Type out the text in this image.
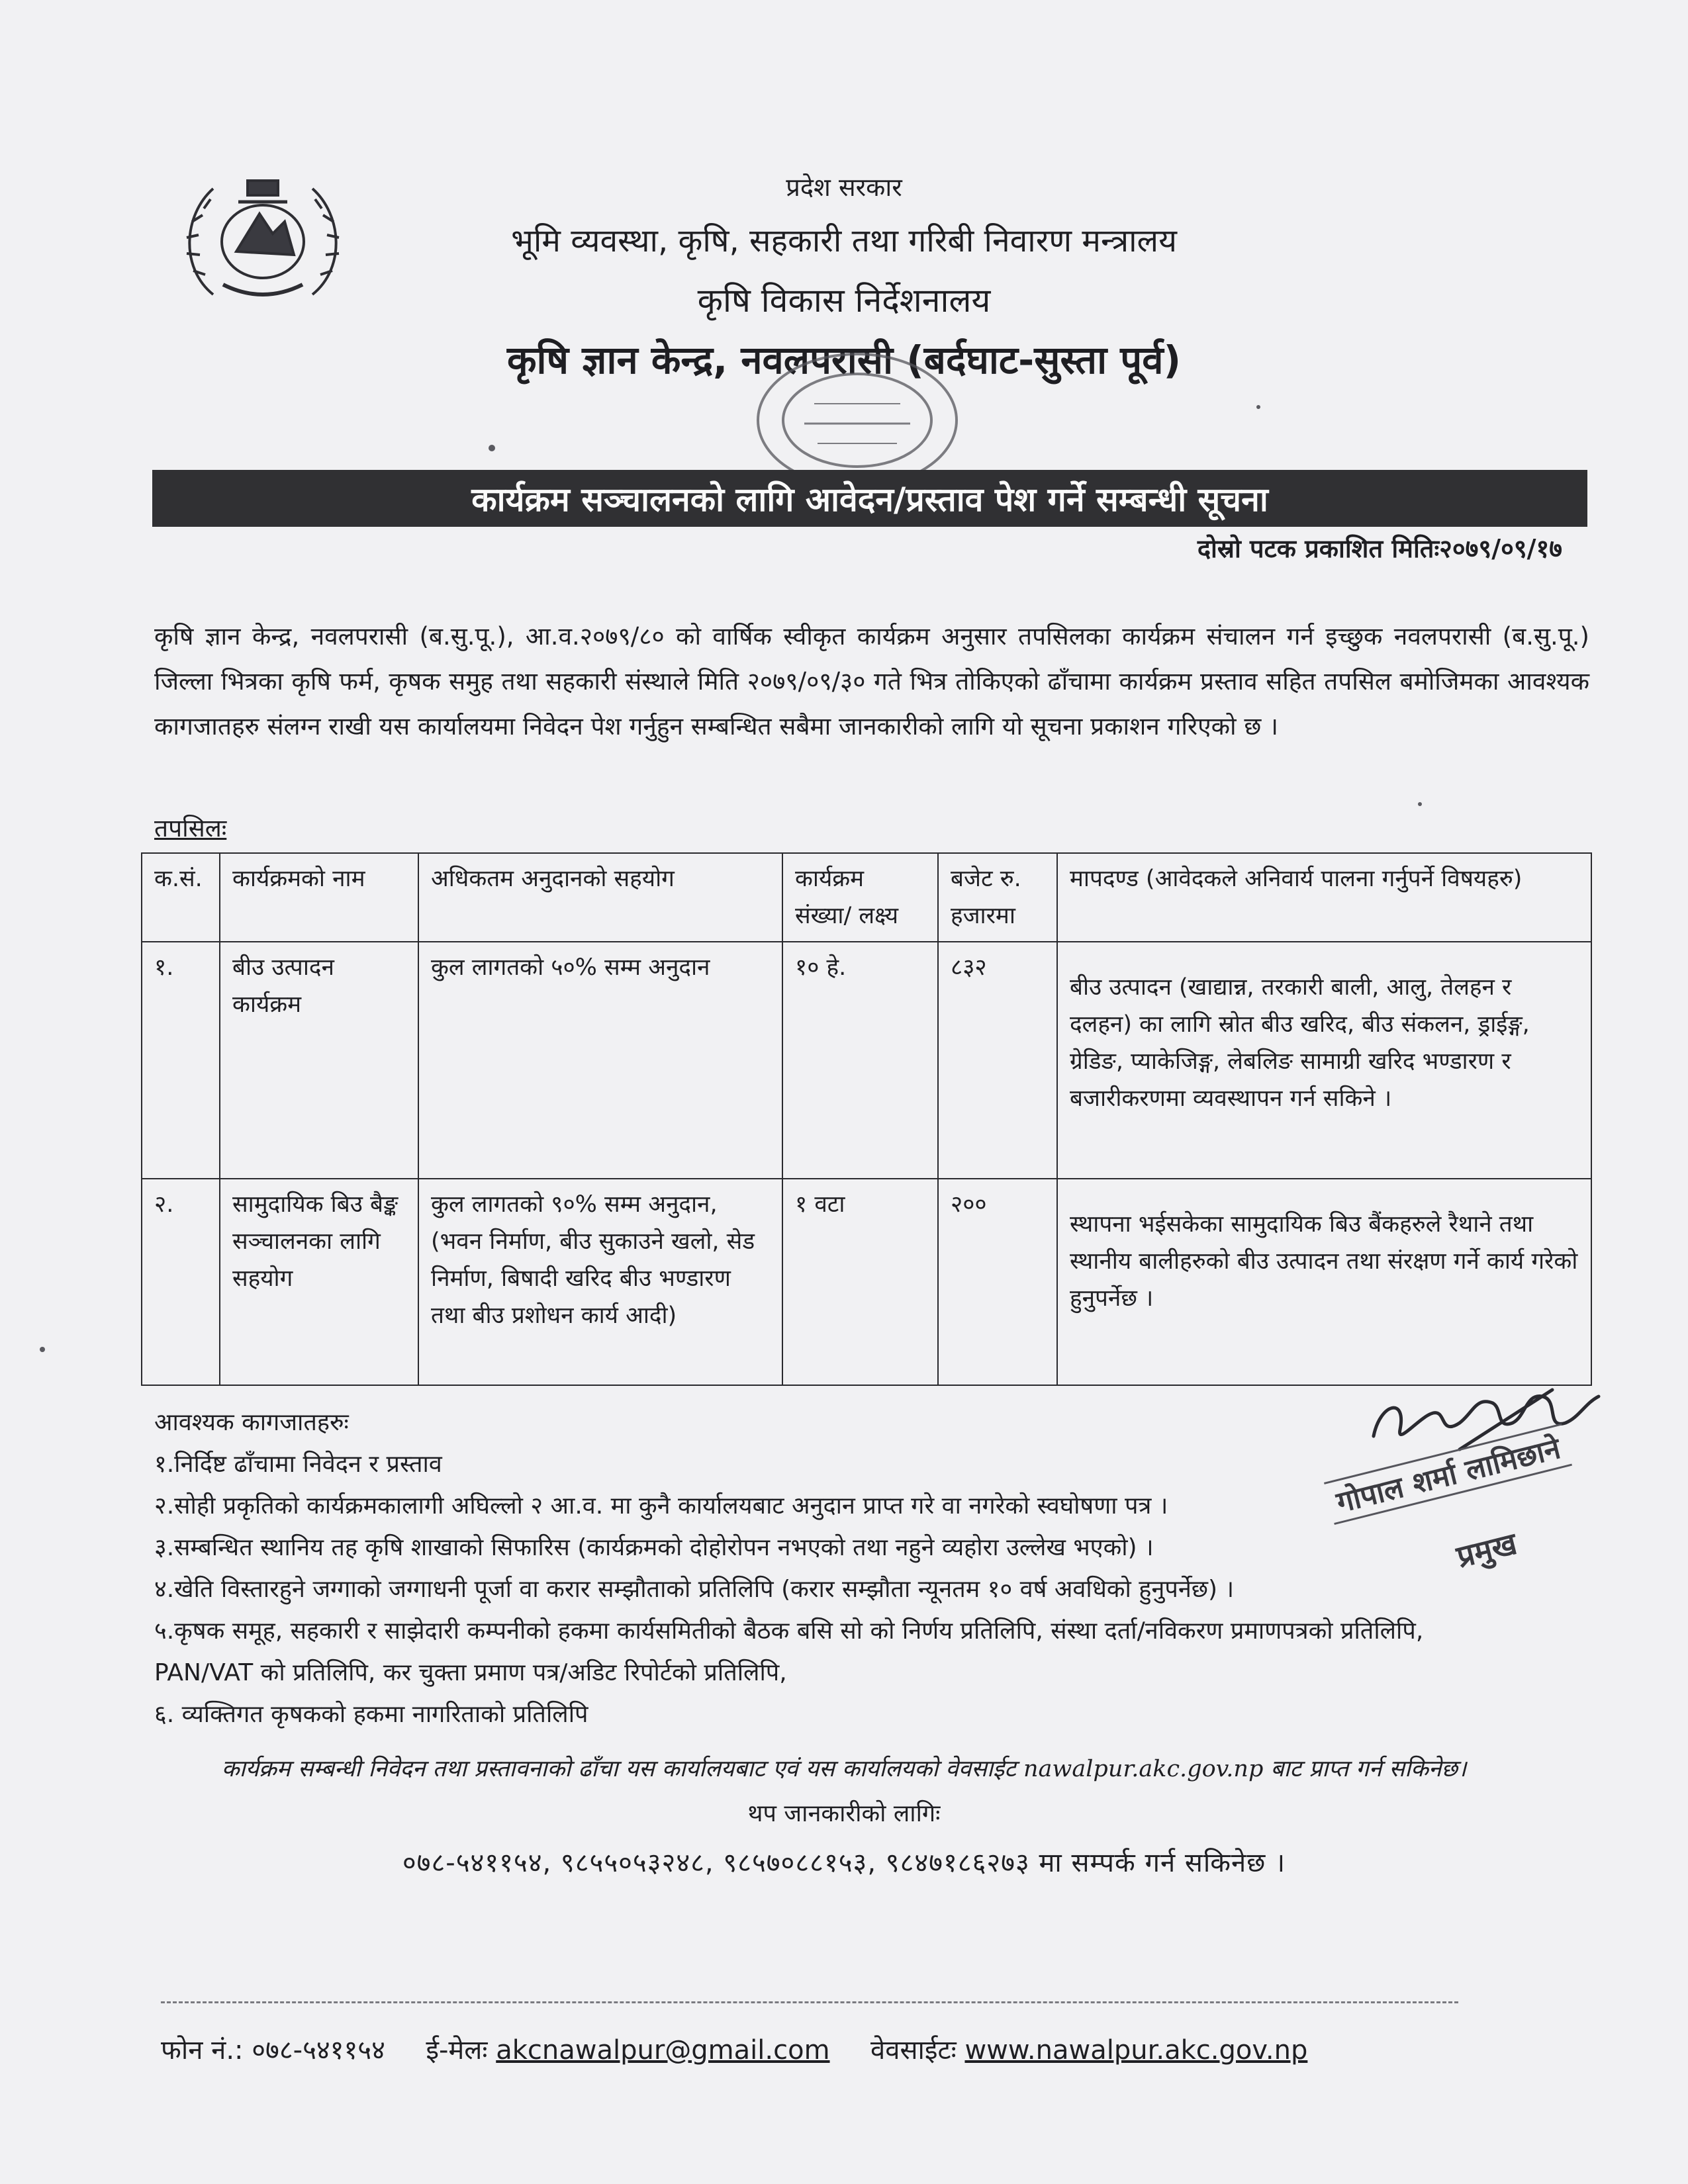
प्रदेश सरकार
भूमि व्यवस्था, कृषि, सहकारी तथा गरिबी निवारण मन्त्रालय
कृषि विकास निर्देशनालय
कृषि ज्ञान केन्द्र, नवलपरासी (बर्दघाट-सुस्ता पूर्व)
कार्यक्रम सञ्चालनको लागि आवेदन/प्रस्ताव पेश गर्ने सम्बन्धी सूचना
दोस्रो पटक प्रकाशित मितिः२०७९/०९/१७
कृषि ज्ञान केन्द्र, नवलपरासी (ब.सु.पू.), आ.व.२०७९/८० को वार्षिक स्वीकृत कार्यक्रम अनुसार तपसिलका कार्यक्रम संचालन गर्न इच्छुक नवलपरासी (ब.सु.पू.) जिल्ला भित्रका कृषि फर्म, कृषक समुह तथा सहकारी संस्थाले मिति २०७९/०९/३० गते भित्र तोकिएको ढाँचामा कार्यक्रम प्रस्ताव सहित तपसिल बमोजिमका आवश्यक कागजातहरु संलग्न राखी यस कार्यालयमा निवेदन पेश गर्नुहुन सम्बन्धित सबैमा जानकारीको लागि यो सूचना प्रकाशन गरिएको छ ।
तपसिलः
क.सं.	कार्यक्रमको नाम	अधिकतम अनुदानको सहयोग	कार्यक्रम संख्या/ लक्ष्य	बजेट रु. हजारमा	मापदण्ड (आवेदकले अनिवार्य पालना गर्नुपर्ने विषयहरु)
१.	बीउ उत्पादन कार्यक्रम	कुल लागतको ५०% सम्म अनुदान	१० हे.	८३२	बीउ उत्पादन (खाद्यान्न, तरकारी बाली, आलु, तेलहन र दलहन) का लागि स्रोत बीउ खरिद, बीउ संकलन, ड्राईङ्ग, ग्रेडिङ, प्याकेजिङ्ग, लेबलिङ सामाग्री खरिद भण्डारण र बजारीकरणमा व्यवस्थापन गर्न सकिने ।
२.	सामुदायिक बिउ बैङ्क सञ्चालनका लागि सहयोग	कुल लागतको ९०% सम्म अनुदान, (भवन निर्माण, बीउ सुकाउने खलो, सेड निर्माण, बिषादी खरिद बीउ भण्डारण तथा बीउ प्रशोधन कार्य आदी)	१ वटा	२००	स्थापना भईसकेका सामुदायिक बिउ बैंकहरुले रैथाने तथा स्थानीय बालीहरुको बीउ उत्पादन तथा संरक्षण गर्ने कार्य गरेको हुनुपर्नेछ ।
आवश्यक कागजातहरुः
१.निर्दिष्ट ढाँचामा निवेदन र प्रस्ताव
२.सोही प्रकृतिको कार्यक्रमकालागी अघिल्लो २ आ.व. मा कुनै कार्यालयबाट अनुदान प्राप्त गरे वा नगरेको स्वघोषणा पत्र ।
३.सम्बन्धित स्थानिय तह कृषि शाखाको सिफारिस (कार्यक्रमको दोहोरोपन नभएको तथा नहुने व्यहोरा उल्लेख भएको) ।
४.खेति विस्तारहुने जग्गाको जग्गाधनी पूर्जा वा करार सम्झौताको प्रतिलिपि (करार सम्झौता न्यूनतम १० वर्ष अवधिको हुनुपर्नेछ) ।
५.कृषक समूह, सहकारी र साझेदारी कम्पनीको हकमा कार्यसमितीको बैठक बसि सो को निर्णय प्रतिलिपि, संस्था दर्ता/नविकरण प्रमाणपत्रको प्रतिलिपि,
PAN/VAT को प्रतिलिपि, कर चुक्ता प्रमाण पत्र/अडिट रिपोर्टको प्रतिलिपि,
६. व्यक्तिगत कृषकको हकमा नागरिताको प्रतिलिपि
गोपाल शर्मा लामिछाने
प्रमुख
कार्यक्रम सम्बन्धी निवेदन तथा प्रस्तावनाको ढाँचा यस कार्यालयबाट एवं यस कार्यालयको वेवसाईट nawalpur.akc.gov.np बाट प्राप्त गर्न सकिनेछ।
थप जानकारीको लागिः
०७८-५४११५४, ९८५५०५३२४८, ९८५७०८८१५३, ९८४७१८६२७३ मा सम्पर्क गर्न सकिनेछ ।
फोन नं.: ०७८-५४११५४ ई-मेलः akcnawalpur@gmail.com वेवसाईटः www.nawalpur.akc.gov.np
